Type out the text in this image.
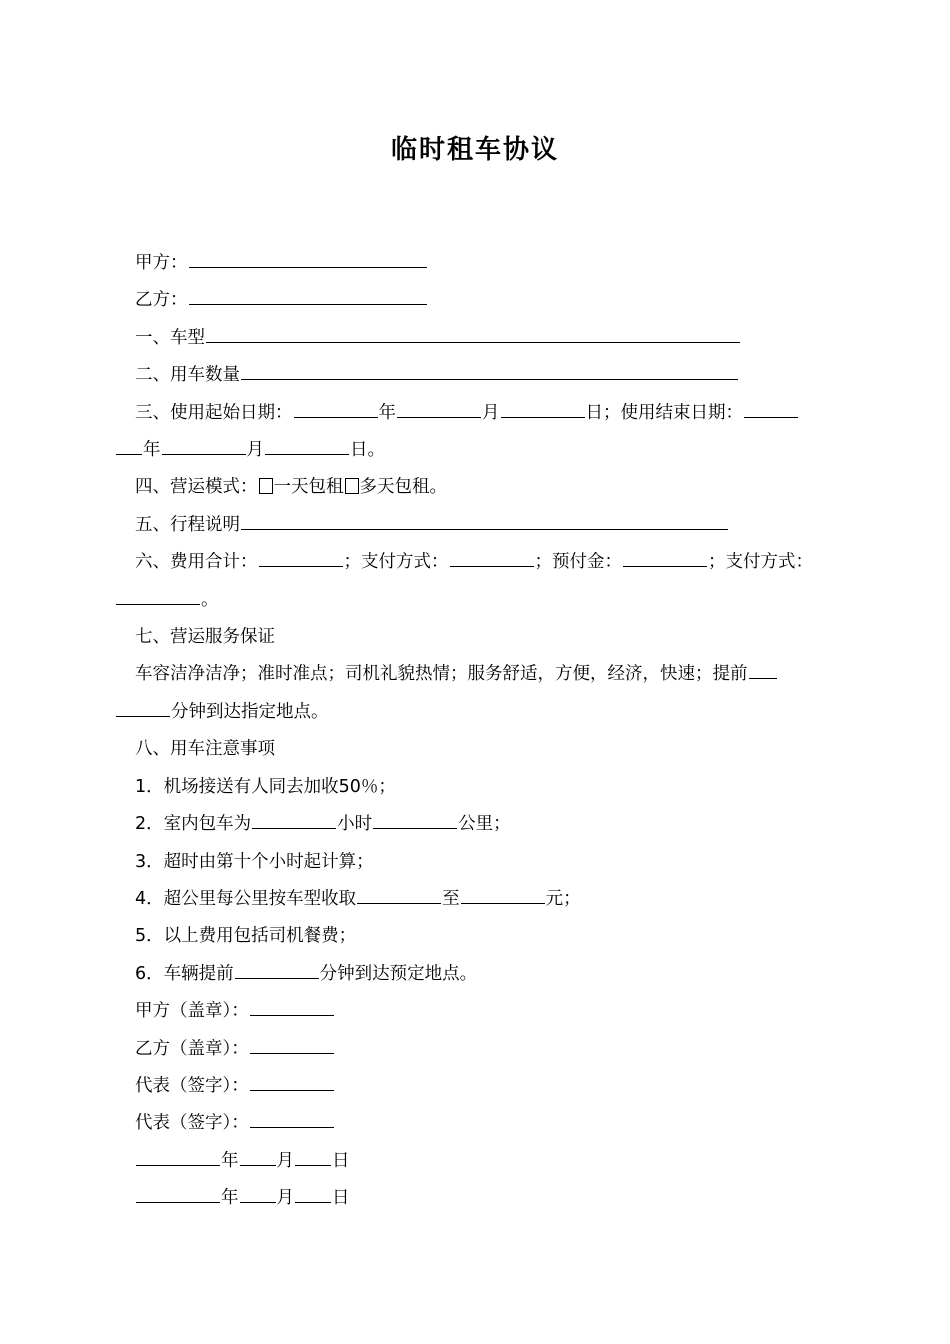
临时租车协议

甲方：

乙方：

一、车型

二、用车数量

三、使用起始日期：	年	月	日；使用结束日期：

年	月	日。

四、营运模式： 一天包租 多天包租。

五、行程说明

六、费用合计：	；支付方式：	；预付金：	；支付方式：

。

七、营运服务保证

车容洁净洁净；准时准点；司机礼貌热情；服务舒适，方便，经济，快速；提前

分钟到达指定地点。

八、用车注意事项

1．机场接送有人同去加收50％；

2．室内包车为	小时	公里；

3．超时由第十个小时起计算；

4．超公里每公里按车型收取	至	元；

5．以上费用包括司机餐费；

6．车辆提前	分钟到达预定地点。

甲方（盖章）：

乙方（盖章）：

代表（签字）：

代表（签字）：

年 月 日

年 月 日
